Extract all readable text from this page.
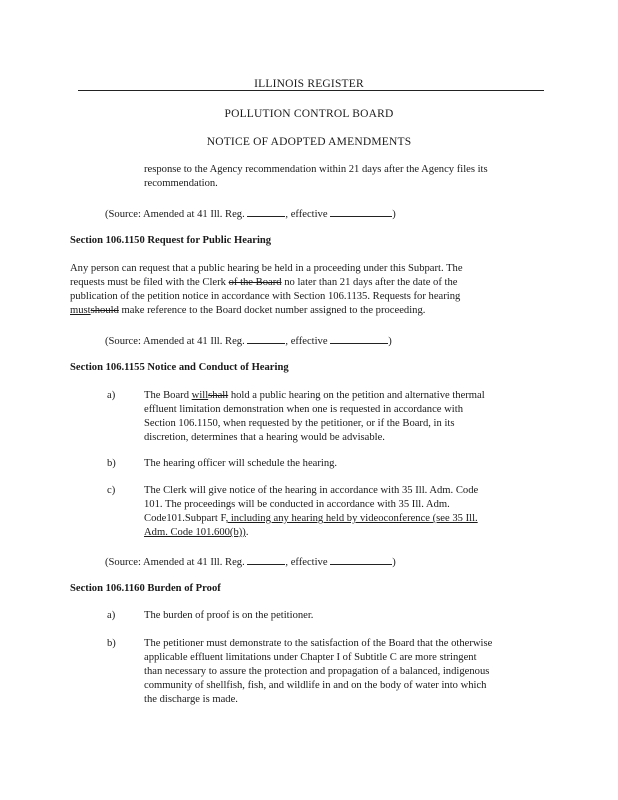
ILLINOIS REGISTER
POLLUTION CONTROL BOARD
NOTICE OF ADOPTED AMENDMENTS
response to the Agency recommendation within 21 days after the Agency files its
recommendation.
(Source: Amended at 41 Ill. Reg.	, effective	)
Section 106.1150 Request for Public Hearing
Any person can request that a public hearing be held in a proceeding under this Subpart. The
requests must be filed with the Clerk of the Board no later than 21 days after the date of the
publication of the petition notice in accordance with Section 106.1135. Requests for hearing
mustshould make reference to the Board docket number assigned to the proceeding.
(Source: Amended at 41 Ill. Reg.	, effective	)
Section 106.1155 Notice and Conduct of Hearing
a)	The Board willshall hold a public hearing on the petition and alternative thermal
effluent limitation demonstration when one is requested in accordance with
Section 106.1150, when requested by the petitioner, or if the Board, in its
discretion, determines that a hearing would be advisable.
b)	The hearing officer will schedule the hearing.
c)	The Clerk will give notice of the hearing in accordance with 35 Ill. Adm. Code
101. The proceedings will be conducted in accordance with 35 Ill. Adm.
Code101.Subpart F, including any hearing held by videoconference (see 35 Ill.
Adm. Code 101.600(b)).
(Source: Amended at 41 Ill. Reg.	, effective	)
Section 106.1160 Burden of Proof
a)	The burden of proof is on the petitioner.
b)	The petitioner must demonstrate to the satisfaction of the Board that the otherwise
applicable effluent limitations under Chapter I of Subtitle C are more stringent
than necessary to assure the protection and propagation of a balanced, indigenous
community of shellfish, fish, and wildlife in and on the body of water into which
the discharge is made.
